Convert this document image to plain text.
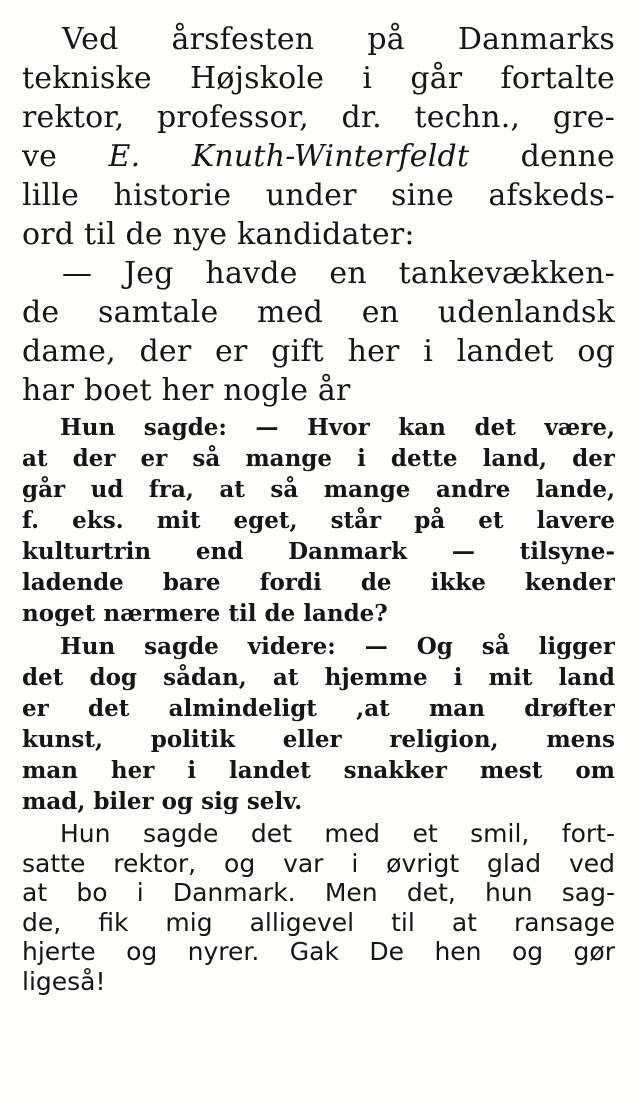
Ved årsfesten på Danmarks
tekniske Højskole i går fortalte
rektor, professor, dr. techn., gre-
ve E. Knuth-Winterfeldt denne
lille historie under sine afskeds-
ord til de nye kandidater:
— Jeg havde en tankevækken-
de samtale med en udenlandsk
dame, der er gift her i landet og
har boet her nogle år
Hun sagde: — Hvor kan det være,
at der er så mange i dette land, der
går ud fra, at så mange andre lande,
f. eks. mit eget, står på et lavere
kulturtrin end Danmark — tilsyne-
ladende bare fordi de ikke kender
noget nærmere til de lande?
Hun sagde videre: — Og så ligger
det dog sådan, at hjemme i mit land
er det almindeligt ,at man drøfter
kunst, politik eller religion, mens
man her i landet snakker mest om
mad, biler og sig selv.
Hun sagde det med et smil, fort-
satte rektor, og var i øvrigt glad ved
at bo i Danmark. Men det, hun sag-
de, fik mig alligevel til at ransage
hjerte og nyrer. Gak De hen og gør
ligeså!
